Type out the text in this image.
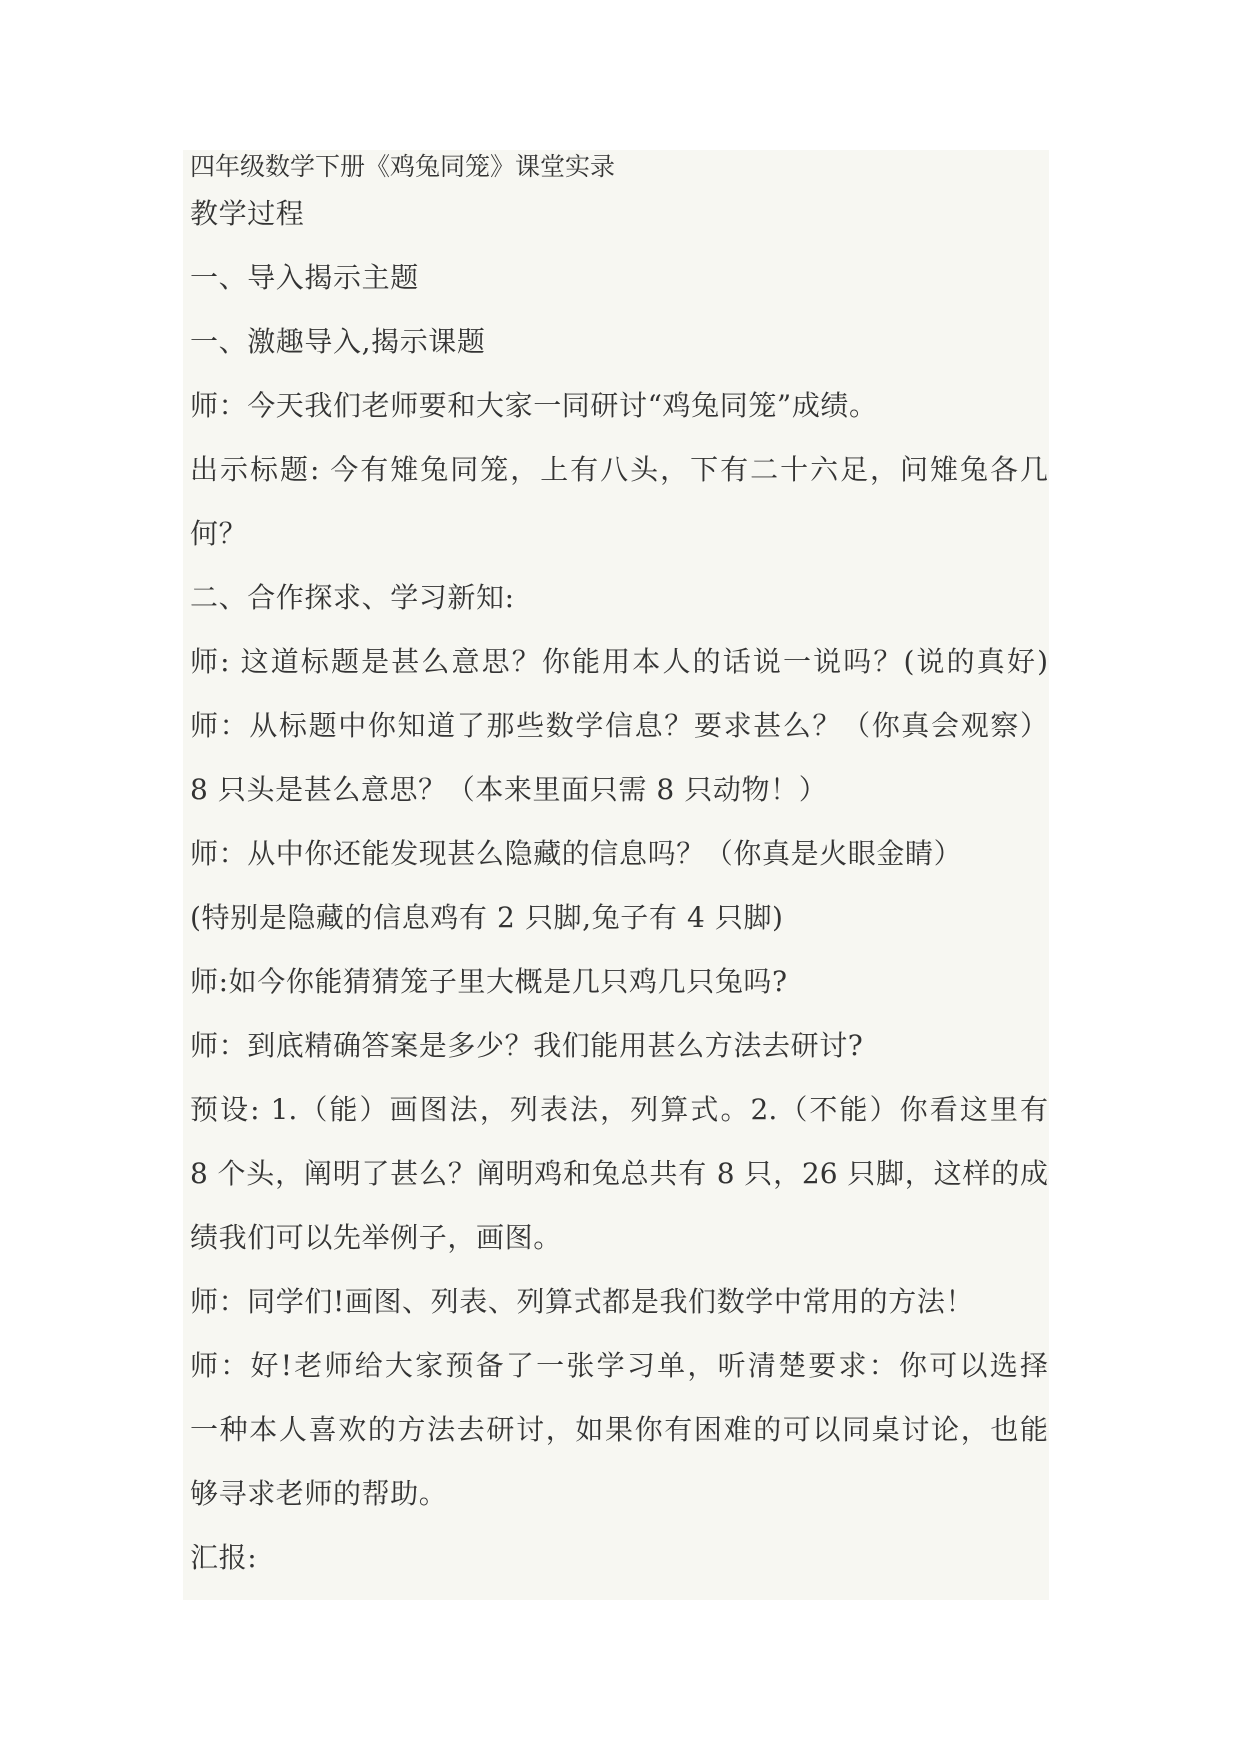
四年级数学下册《鸡兔同笼》课堂实录
教学过程
一、导入揭示主题
一、激趣导入,揭示课题
师：今天我们老师要和大家一同研讨“鸡兔同笼”成绩。
出示标题: 今有雉兔同笼，上有八头，下有二十六足，问雉兔各几
何？
二、合作探求、学习新知:
师: 这道标题是甚么意思？你能用本人的话说一说吗？(说的真好)
师：从标题中你知道了那些数学信息？要求甚么？（你真会观察）
8 只头是甚么意思？（本来里面只需 8 只动物！）
师：从中你还能发现甚么隐藏的信息吗？（你真是火眼金睛）
(特别是隐藏的信息鸡有 2 只脚,兔子有 4 只脚)
师:如今你能猜猜笼子里大概是几只鸡几只兔吗?
师：到底精确答案是多少？我们能用甚么方法去研讨?
预设: 1.（能）画图法，列表法，列算式。2.（不能）你看这里有
8 个头，阐明了甚么？阐明鸡和兔总共有 8 只，26 只脚，这样的成
绩我们可以先举例子，画图。
师：同学们!画图、列表、列算式都是我们数学中常用的方法！
师：好!老师给大家预备了一张学习单，听清楚要求：你可以选择
一种本人喜欢的方法去研讨，如果你有困难的可以同桌讨论，也能
够寻求老师的帮助。
汇报:
